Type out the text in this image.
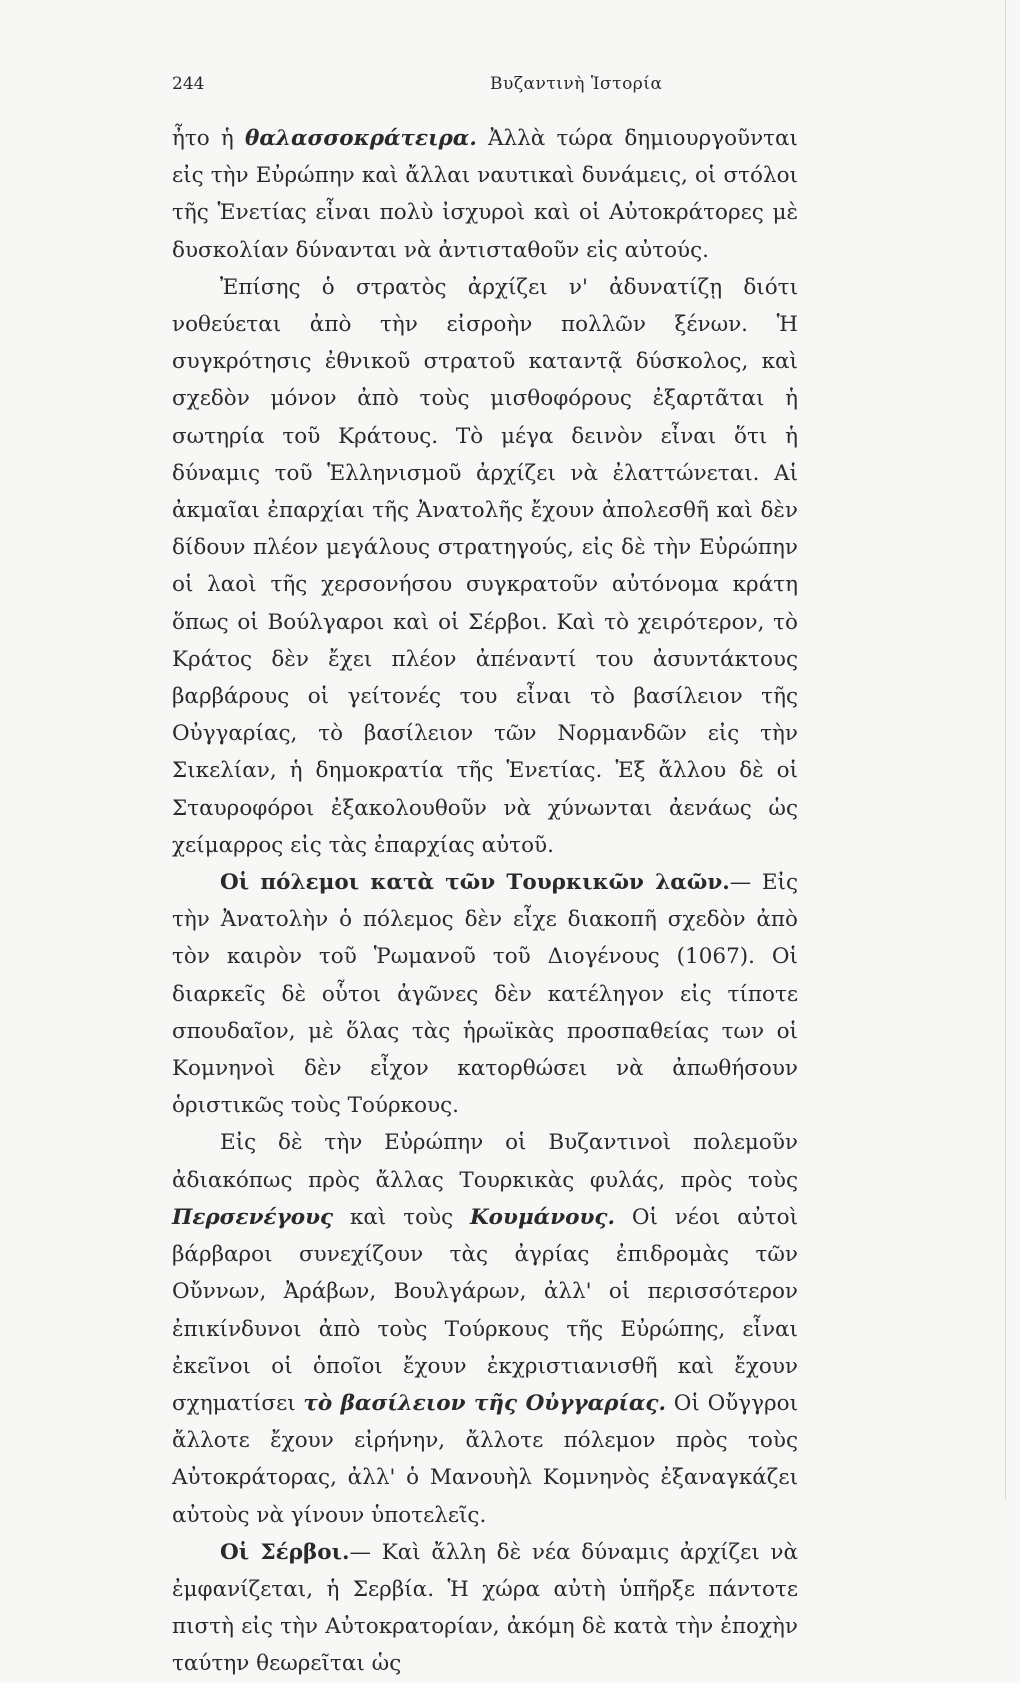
244	Βυζαντινὴ Ἱστορία

ἦτο ἡ θαλασσοκράτειρα. Ἀλλὰ τώρα δημιουργοῦνται εἰς τὴν Εὐρώπην καὶ ἄλλαι ναυτικαὶ δυνάμεις, οἱ στόλοι τῆς Ἑνετίας εἶναι πολὺ ἰσχυροὶ καὶ οἱ Αὐτοκράτορες μὲ δυσκολίαν δύνανται νὰ ἀντισταθοῦν εἰς αὐτούς.

Ἐπίσης ὁ στρατὸς ἀρχίζει ν' ἀδυνατίζῃ διότι νοθεύεται ἀπὸ τὴν εἰσροὴν πολλῶν ξένων. Ἡ συγκρότησις ἐθνικοῦ στρατοῦ καταντᾷ δύσκολος, καὶ σχεδὸν μόνον ἀπὸ τοὺς μισθοφόρους ἐξαρτᾶται ἡ σωτηρία τοῦ Κράτους. Τὸ μέγα δεινὸν εἶναι ὅτι ἡ δύναμις τοῦ Ἑλληνισμοῦ ἀρχίζει νὰ ἐλαττώνεται. Αἱ ἀκμαῖαι ἐπαρχίαι τῆς Ἀνατολῆς ἔχουν ἀπολεσθῆ καὶ δὲν δίδουν πλέον μεγάλους στρατηγούς, εἰς δὲ τὴν Εὐρώπην οἱ λαοὶ τῆς χερσονήσου συγκρατοῦν αὐτόνομα κράτη ὅπως οἱ Βούλγαροι καὶ οἱ Σέρβοι. Καὶ τὸ χειρότερον, τὸ Κράτος δὲν ἔχει πλέον ἀπέναντί του ἀσυντάκτους βαρβάρους οἱ γείτονές του εἶναι τὸ βασίλειον τῆς Οὐγγαρίας, τὸ βασίλειον τῶν Νορμανδῶν εἰς τὴν Σικελίαν, ἡ δημοκρατία τῆς Ἑνετίας. Ἐξ ἄλλου δὲ οἱ Σταυροφόροι ἐξακολουθοῦν νὰ χύνωνται ἀενάως ὡς χείμαρρος εἰς τὰς ἐπαρχίας αὐτοῦ.

Οἱ πόλεμοι κατὰ τῶν Τουρκικῶν λαῶν.— Εἰς τὴν Ἀνατολὴν ὁ πόλεμος δὲν εἶχε διακοπῆ σχεδὸν ἀπὸ τὸν καιρὸν τοῦ Ῥωμανοῦ τοῦ Διογένους (1067). Οἱ διαρκεῖς δὲ οὗτοι ἀγῶνες δὲν κατέληγον εἰς τίποτε σπουδαῖον, μὲ ὅλας τὰς ἡρωϊκὰς προσπαθείας των οἱ Κομνηνοὶ δὲν εἶχον κατορθώσει νὰ ἀπωθήσουν ὁριστικῶς τοὺς Τούρκους.

Εἰς δὲ τὴν Εὐρώπην οἱ Βυζαντινοὶ πολεμοῦν ἀδιακόπως πρὸς ἄλλας Τουρκικὰς φυλάς, πρὸς τοὺς Περσενέγους καὶ τοὺς Κουμάνους. Οἱ νέοι αὐτοὶ βάρβαροι συνεχίζουν τὰς ἀγρίας ἐπιδρομὰς τῶν Οὔννων, Ἀράβων, Βουλγάρων, ἀλλ' οἱ περισσότερον ἐπικίνδυνοι ἀπὸ τοὺς Τούρκους τῆς Εὐρώπης, εἶναι ἐκεῖνοι οἱ ὁποῖοι ἔχουν ἐκχριστιανισθῆ καὶ ἔχουν σχηματίσει τὸ βασίλειον τῆς Οὐγγαρίας. Οἱ Οὔγγροι ἄλλοτε ἔχουν εἰρήνην, ἄλλοτε πόλεμον πρὸς τοὺς Αὐτοκράτορας, ἀλλ' ὁ Μανουὴλ Κομνηνὸς ἐξαναγκάζει αὐτοὺς νὰ γίνουν ὑποτελεῖς.

Οἱ Σέρβοι.— Καὶ ἄλλη δὲ νέα δύναμις ἀρχίζει νὰ ἐμφανίζεται, ἡ Σερβία. Ἡ χώρα αὐτὴ ὑπῆρξε πάντοτε πιστὴ εἰς τὴν Αὐτοκρατορίαν, ἀκόμη δὲ κατὰ τὴν ἐποχὴν ταύτην θεωρεῖται ὡς
